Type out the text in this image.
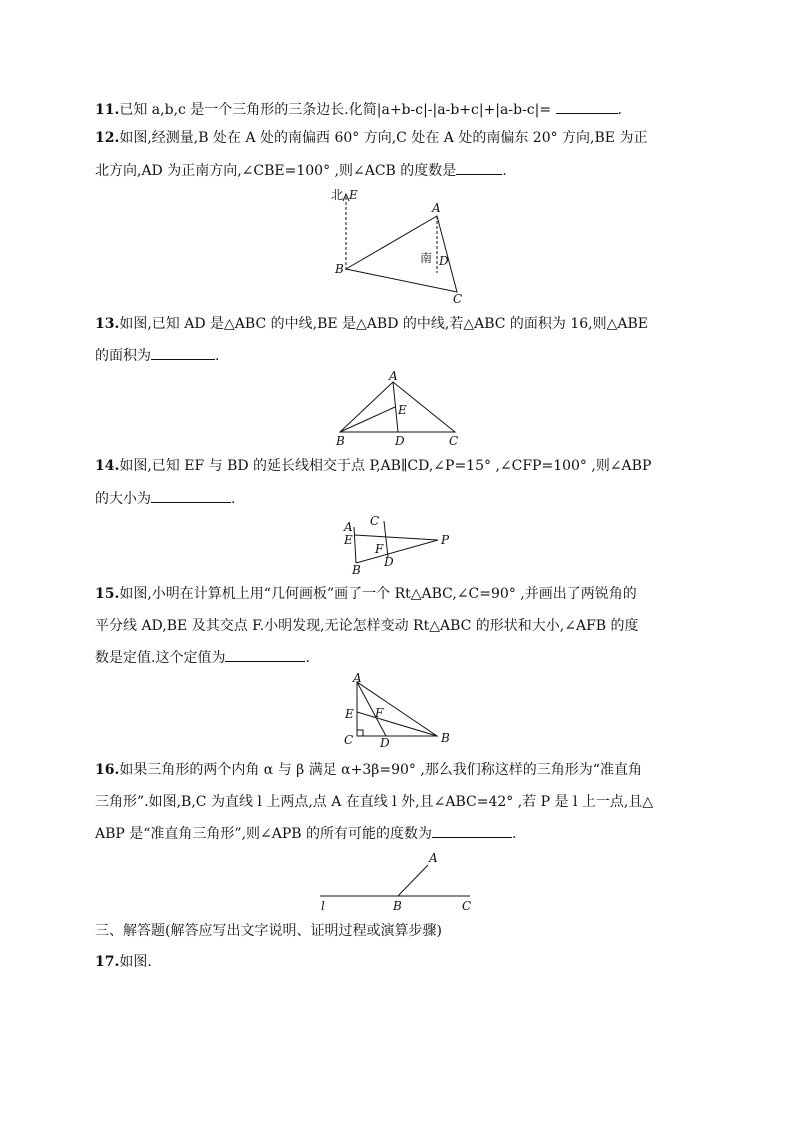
11.已知 a,b,c 是一个三角形的三条边长.化简|a+b-c|-|a-b+c|+|a-b-c|=	.
12.如图,经测量,B 处在 A 处的南偏西 60° 方向,C 处在 A 处的南偏东 20° 方向,BE 为正
北方向,AD 为正南方向,∠CBE=100° ,则∠ACB 的度数是	.
北 E
A
B
C
南 D
13.如图,已知 AD 是△ABC 的中线,BE 是△ABD 的中线,若△ABC 的面积为 16,则△ABE
的面积为	.
A
B	D	C
E
14.如图,已知 EF 与 BD 的延长线相交于点 P,AB∥CD,∠P=15° ,∠CFP=100° ,则∠ABP
的大小为	.
A
E
B
C
F
D
P
15.如图,小明在计算机上用“几何画板”画了一个 Rt△ABC,∠C=90° ,并画出了两锐角的
平分线 AD,BE 及其交点 F.小明发现,无论怎样变动 Rt△ABC 的形状和大小,∠AFB 的度
数是定值.这个定值为	.
A
E F
C D	B
16.如果三角形的两个内角 α 与 β 满足 α+3β=90° ,那么我们称这样的三角形为“准直角
三角形”.如图,B,C 为直线 l 上两点,点 A 在直线 l 外,且∠ABC=42° ,若 P 是 l 上一点,且△
ABP 是“准直角三角形”,则∠APB 的所有可能的度数为	.
A
l	B	C
三、解答题(解答应写出文字说明、证明过程或演算步骤)
17.如图.
